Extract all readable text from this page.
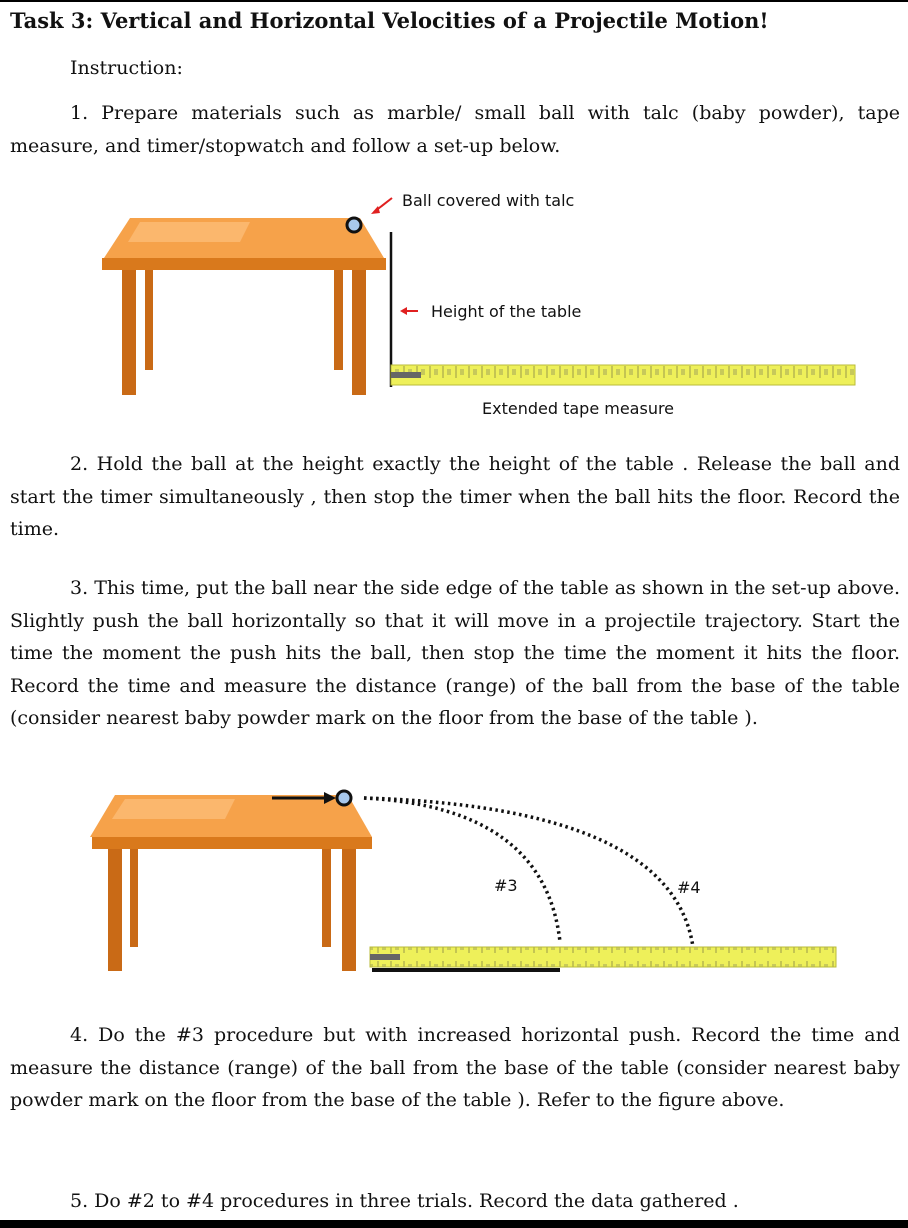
Task 3: Vertical and Horizontal Velocities of a Projectile Motion!
Instruction:
1. Prepare materials such as marble/ small ball with talc (baby powder), tape measure, and timer/stopwatch and follow a set-up below.
Ball covered with talc
Height of the table
Extended tape measure
2. Hold the ball at the height exactly the height of the table . Release the ball and start the timer simultaneously , then stop the timer when the ball hits the floor. Record the time.
3. This time, put the ball near the side edge of the table as shown in the set-up above. Slightly push the ball horizontally so that it will move in a projectile trajectory. Start the time the moment the push hits the ball, then stop the time the moment it hits the floor. Record the time and measure the distance (range) of the ball from the base of the table (consider nearest baby powder mark on the floor from the base of the table ).
#3	#4
4. Do the #3 procedure but with increased horizontal push. Record the time and measure the distance (range) of the ball from the base of the table (consider nearest baby powder mark on the floor from the base of the table ). Refer to the figure above.
5. Do #2 to #4 procedures in three trials. Record the data gathered .
